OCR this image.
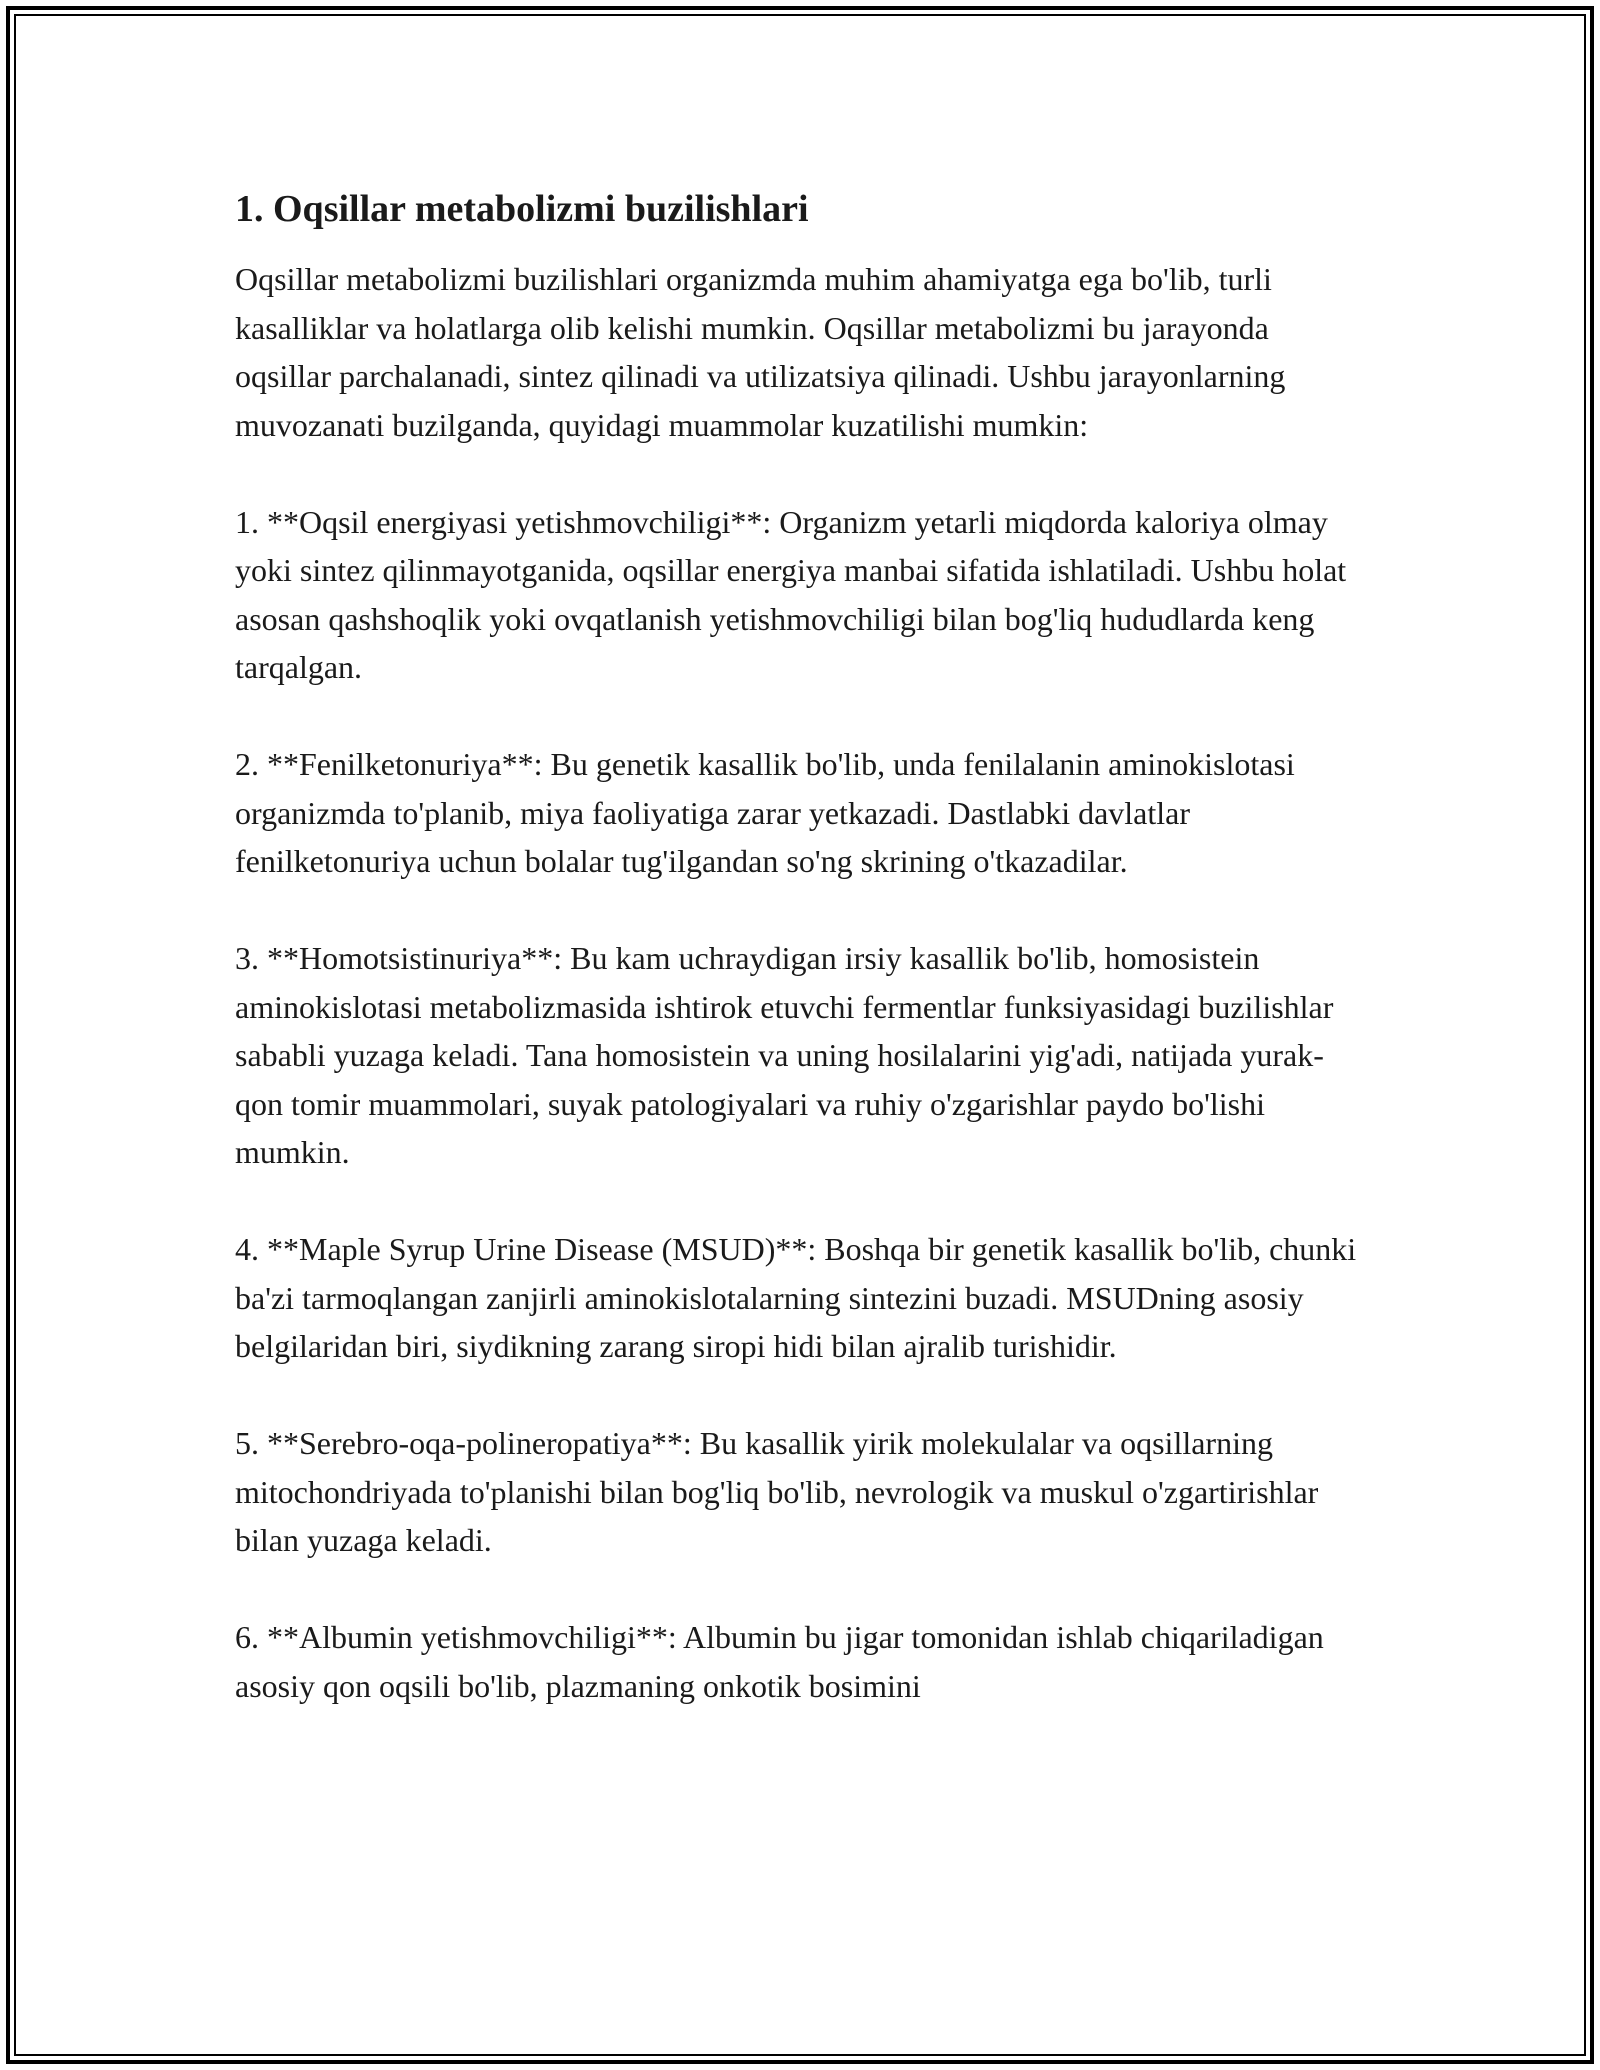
1. Oqsillar metabolizmi buzilishlari

Oqsillar metabolizmi buzilishlari organizmda muhim ahamiyatga ega bo'lib, turli kasalliklar va holatlarga olib kelishi mumkin. Oqsillar metabolizmi bu jarayonda oqsillar parchalanadi, sintez qilinadi va utilizatsiya qilinadi. Ushbu jarayonlarning muvozanati buzilganda, quyidagi muammolar kuzatilishi mumkin:

1. **Oqsil energiyasi yetishmovchiligi**: Organizm yetarli miqdorda kaloriya olmay yoki sintez qilinmayotganida, oqsillar energiya manbai sifatida ishlatiladi. Ushbu holat asosan qashshoqlik yoki ovqatlanish yetishmovchiligi bilan bog'liq hududlarda keng tarqalgan.

2. **Fenilketonuriya**: Bu genetik kasallik bo'lib, unda fenilalanin aminokislotasi organizmda to'planib, miya faoliyatiga zarar yetkazadi. Dastlabki davlatlar fenilketonuriya uchun bolalar tug'ilgandan so'ng skrining o'tkazadilar.

3. **Homotsistinuriya**: Bu kam uchraydigan irsiy kasallik bo'lib, homosistein aminokislotasi metabolizmasida ishtirok etuvchi fermentlar funksiyasidagi buzilishlar sababli yuzaga keladi. Tana homosistein va uning hosilalarini yig'adi, natijada yurak-qon tomir muammolari, suyak patologiyalari va ruhiy o'zgarishlar paydo bo'lishi mumkin.

4. **Maple Syrup Urine Disease (MSUD)**: Boshqa bir genetik kasallik bo'lib, chunki ba'zi tarmoqlangan zanjirli aminokislotalarning sintezini buzadi. MSUDning asosiy belgilaridan biri, siydikning zarang siropi hidi bilan ajralib turishidir.

5. **Serebro-oqa-polineropatiya**: Bu kasallik yirik molekulalar va oqsillarning mitochondriyada to'planishi bilan bog'liq bo'lib, nevrologik va muskul o'zgartirishlar bilan yuzaga keladi.

6. **Albumin yetishmovchiligi**: Albumin bu jigar tomonidan ishlab chiqariladigan asosiy qon oqsili bo'lib, plazmaning onkotik bosimini
